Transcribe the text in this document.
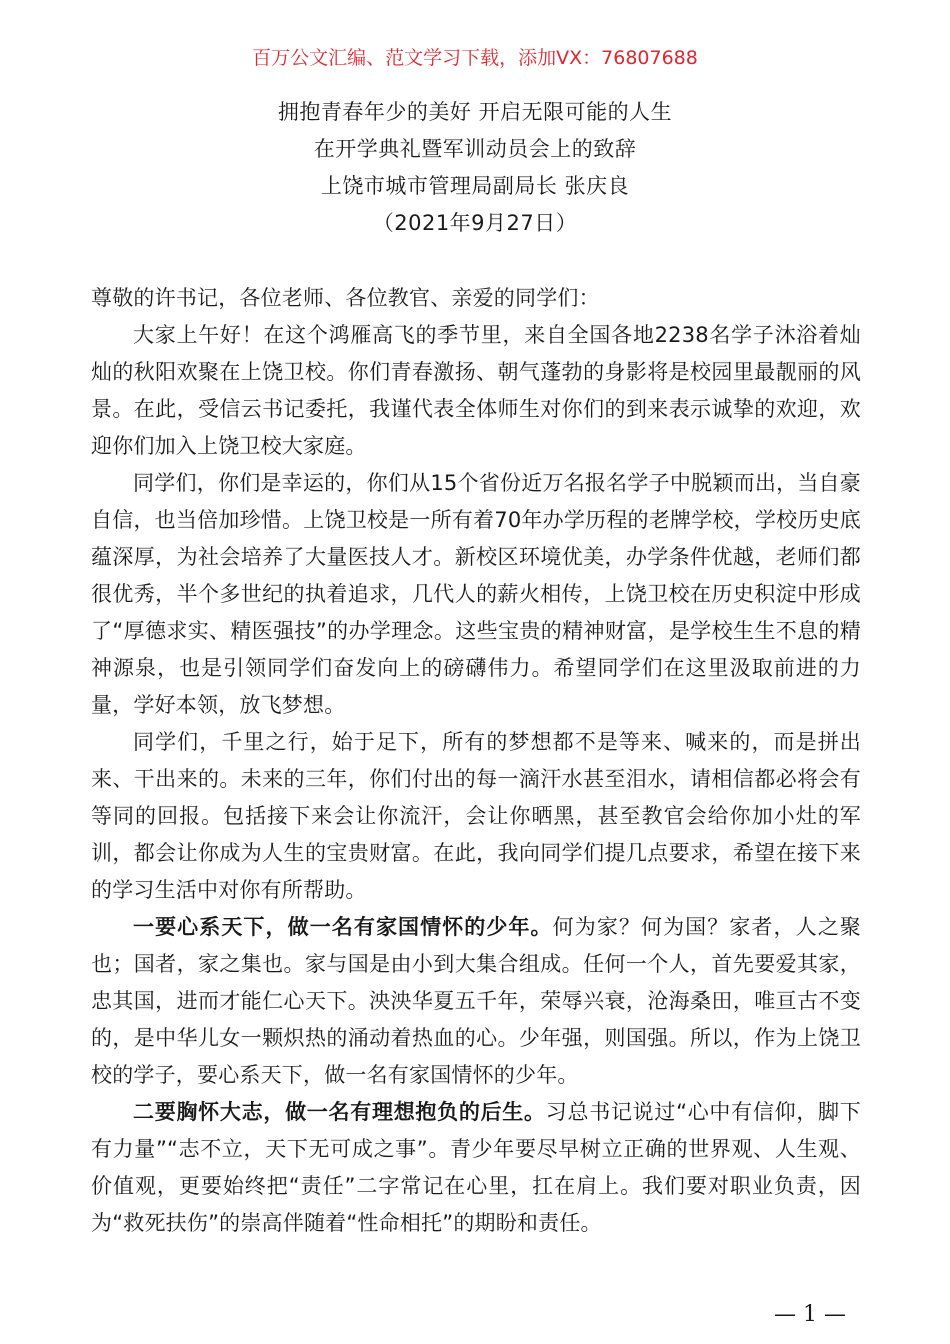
百万公文汇编、范文学习下载，添加VX：76807688
拥抱青春年少的美好 开启无限可能的人生
在开学典礼暨军训动员会上的致辞
上饶市城市管理局副局长 张庆良
（2021年9月27日）

尊敬的许书记，各位老师、各位教官、亲爱的同学们：

大家上午好！在这个鸿雁高飞的季节里，来自全国各地2238名学子沐浴着灿灿的秋阳欢聚在上饶卫校。你们青春激扬、朝气蓬勃的身影将是校园里最靓丽的风景。在此，受信云书记委托，我谨代表全体师生对你们的到来表示诚挚的欢迎，欢迎你们加入上饶卫校大家庭。

同学们，你们是幸运的，你们从15个省份近万名报名学子中脱颖而出，当自豪自信，也当倍加珍惜。上饶卫校是一所有着70年办学历程的老牌学校，学校历史底蕴深厚，为社会培养了大量医技人才。新校区环境优美，办学条件优越，老师们都很优秀，半个多世纪的执着追求，几代人的薪火相传，上饶卫校在历史积淀中形成了“厚德求实、精医强技”的办学理念。这些宝贵的精神财富，是学校生生不息的精神源泉，也是引领同学们奋发向上的磅礴伟力。希望同学们在这里汲取前进的力量，学好本领，放飞梦想。

同学们，千里之行，始于足下，所有的梦想都不是等来、喊来的，而是拼出来、干出来的。未来的三年，你们付出的每一滴汗水甚至泪水，请相信都必将会有等同的回报。包括接下来会让你流汗，会让你晒黑，甚至教官会给你加小灶的军训，都会让你成为人生的宝贵财富。在此，我向同学们提几点要求，希望在接下来的学习生活中对你有所帮助。

一要心系天下，做一名有家国情怀的少年。何为家？何为国？家者，人之聚也；国者，家之集也。家与国是由小到大集合组成。任何一个人，首先要爱其家，忠其国，进而才能仁心天下。泱泱华夏五千年，荣辱兴衰，沧海桑田，唯亘古不变的，是中华儿女一颗炽热的涌动着热血的心。少年强，则国强。所以，作为上饶卫校的学子，要心系天下，做一名有家国情怀的少年。

二要胸怀大志，做一名有理想抱负的后生。习总书记说过“心中有信仰，脚下有力量”“志不立，天下无可成之事”。青少年要尽早树立正确的世界观、人生观、价值观，更要始终把“责任”二字常记在心里，扛在肩上。我们要对职业负责，因为“救死扶伤”的崇高伴随着“性命相托”的期盼和责任。

— 1 —
